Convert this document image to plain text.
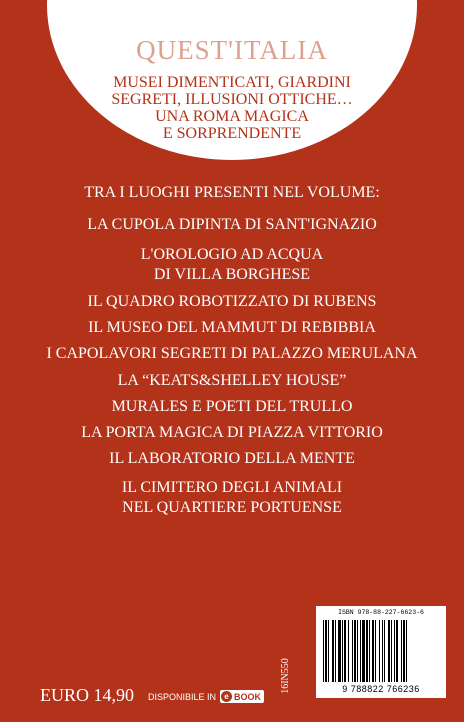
QUEST'ITALIA
MUSEI DIMENTICATI, GIARDINI
SEGRETI, ILLUSIONI OTTICHE…
UNA ROMA MAGICA
E SORPRENDENTE
TRA I LUOGHI PRESENTI NEL VOLUME:
LA CUPOLA DIPINTA DI SANT'IGNAZIO
L'OROLOGIO AD ACQUA
DI VILLA BORGHESE
IL QUADRO ROBOTIZZATO DI RUBENS
IL MUSEO DEL MAMMUT DI REBIBBIA
I CAPOLAVORI SEGRETI DI PALAZZO MERULANA
LA “KEATS&SHELLEY HOUSE”
MURALES E POETI DEL TRULLO
LA PORTA MAGICA DI PIAZZA VITTORIO
IL LABORATORIO DELLA MENTE
IL CIMITERO DEGLI ANIMALI
NEL QUARTIERE PORTUENSE
EURO 14,90 DISPONIBILE IN	e BOOK
16IN550
ISBN 978-88-227-6623-6
9 788822 766236
